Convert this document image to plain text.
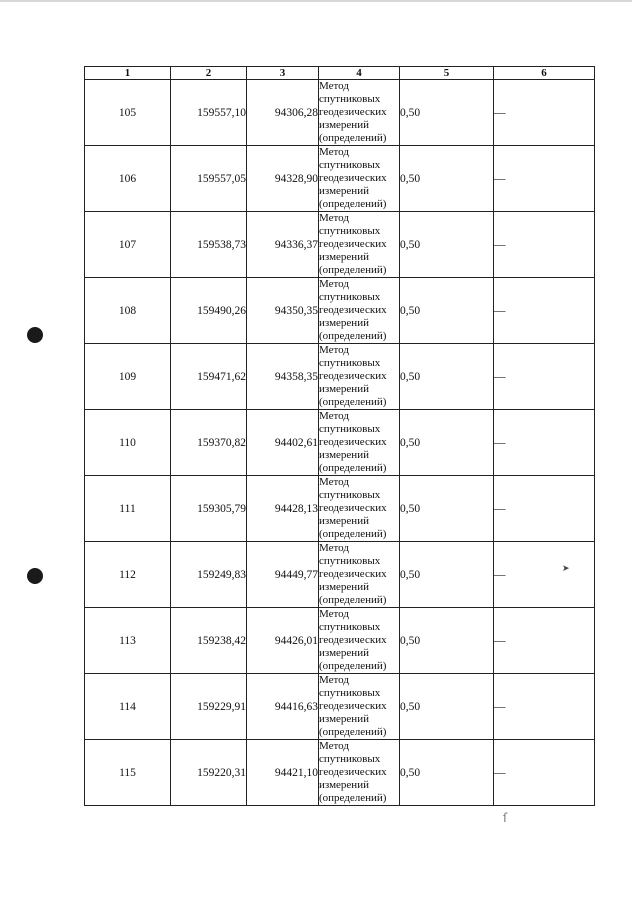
1	2	3	4	5	6
105	159557,10	94306,28	Метод
спутниковых
геодезических
измерений
(определений)	0,50	—
106	159557,05	94328,90	Метод
спутниковых
геодезических
измерений
(определений)	0,50	—
107	159538,73	94336,37	Метод
спутниковых
геодезических
измерений
(определений)	0,50	—
108	159490,26	94350,35	Метод
спутниковых
геодезических
измерений
(определений)	0,50	—
109	159471,62	94358,35	Метод
спутниковых
геодезических
измерений
(определений)	0,50	—
110	159370,82	94402,61	Метод
спутниковых
геодезических
измерений
(определений)	0,50	—
111	159305,79	94428,13	Метод
спутниковых
геодезических
измерений
(определений)	0,50	—
112	159249,83	94449,77	Метод
спутниковых
геодезических
измерений
(определений)	0,50	—
113	159238,42	94426,01	Метод
спутниковых
геодезических
измерений
(определений)	0,50	—
114	159229,91	94416,63	Метод
спутниковых
геодезических
измерений
(определений)	0,50	—
115	159220,31	94421,10	Метод
спутниковых
геодезических
измерений
(определений)	0,50	—
ſ
➤
